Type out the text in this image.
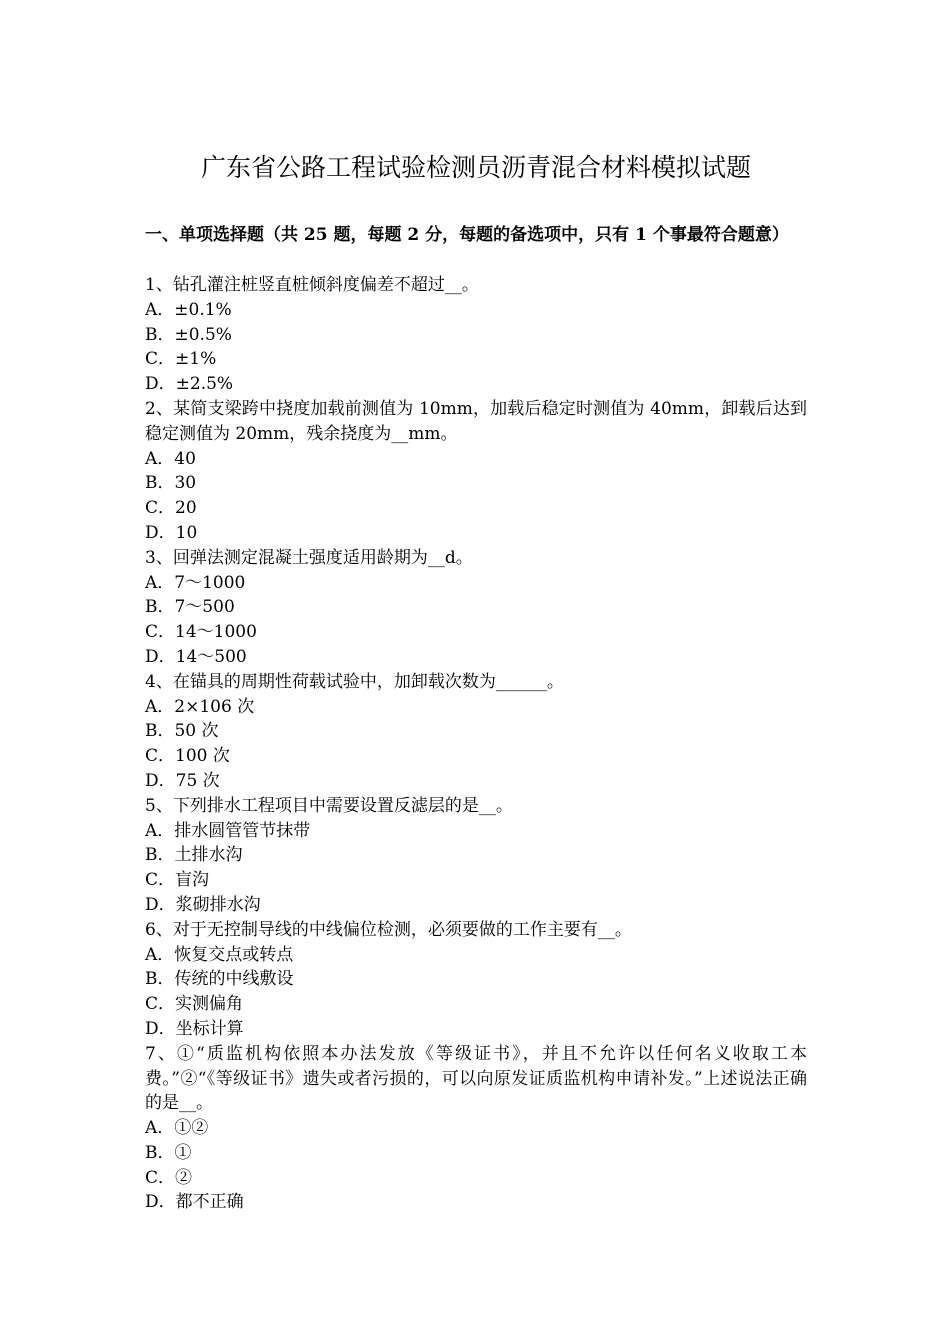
广东省公路工程试验检测员沥青混合材料模拟试题
一、单项选择题（共 25 题，每题 2 分，每题的备选项中，只有 1 个事最符合题意）
1、钻孔灌注桩竖直桩倾斜度偏差不超过__。
A．±0.1%
B．±0.5%
C．±1%
D．±2.5%
2、某简支梁跨中挠度加载前测值为 10mm，加载后稳定时测值为 40mm，卸载后达到稳定测值为 20mm，残余挠度为__mm。
A．40
B．30
C．20
D．10
3、回弹法测定混凝土强度适用龄期为__d。
A．7～1000
B．7～500
C．14～1000
D．14～500
4、在锚具的周期性荷载试验中，加卸载次数为______。
A．2×106 次
B．50 次
C．100 次
D．75 次
5、下列排水工程项目中需要设置反滤层的是__。
A．排水圆管管节抹带
B．土排水沟
C．盲沟
D．浆砌排水沟
6、对于无控制导线的中线偏位检测，必须要做的工作主要有__。
A．恢复交点或转点
B．传统的中线敷设
C．实测偏角
D．坐标计算
7、①“质监机构依照本办法发放《等级证书》，并且不允许以任何名义收取工本费。”②“《等级证书》遗失或者污损的，可以向原发证质监机构申请补发。”上述说法正确的是__。
A．①②
B．①
C．②
D．都不正确
